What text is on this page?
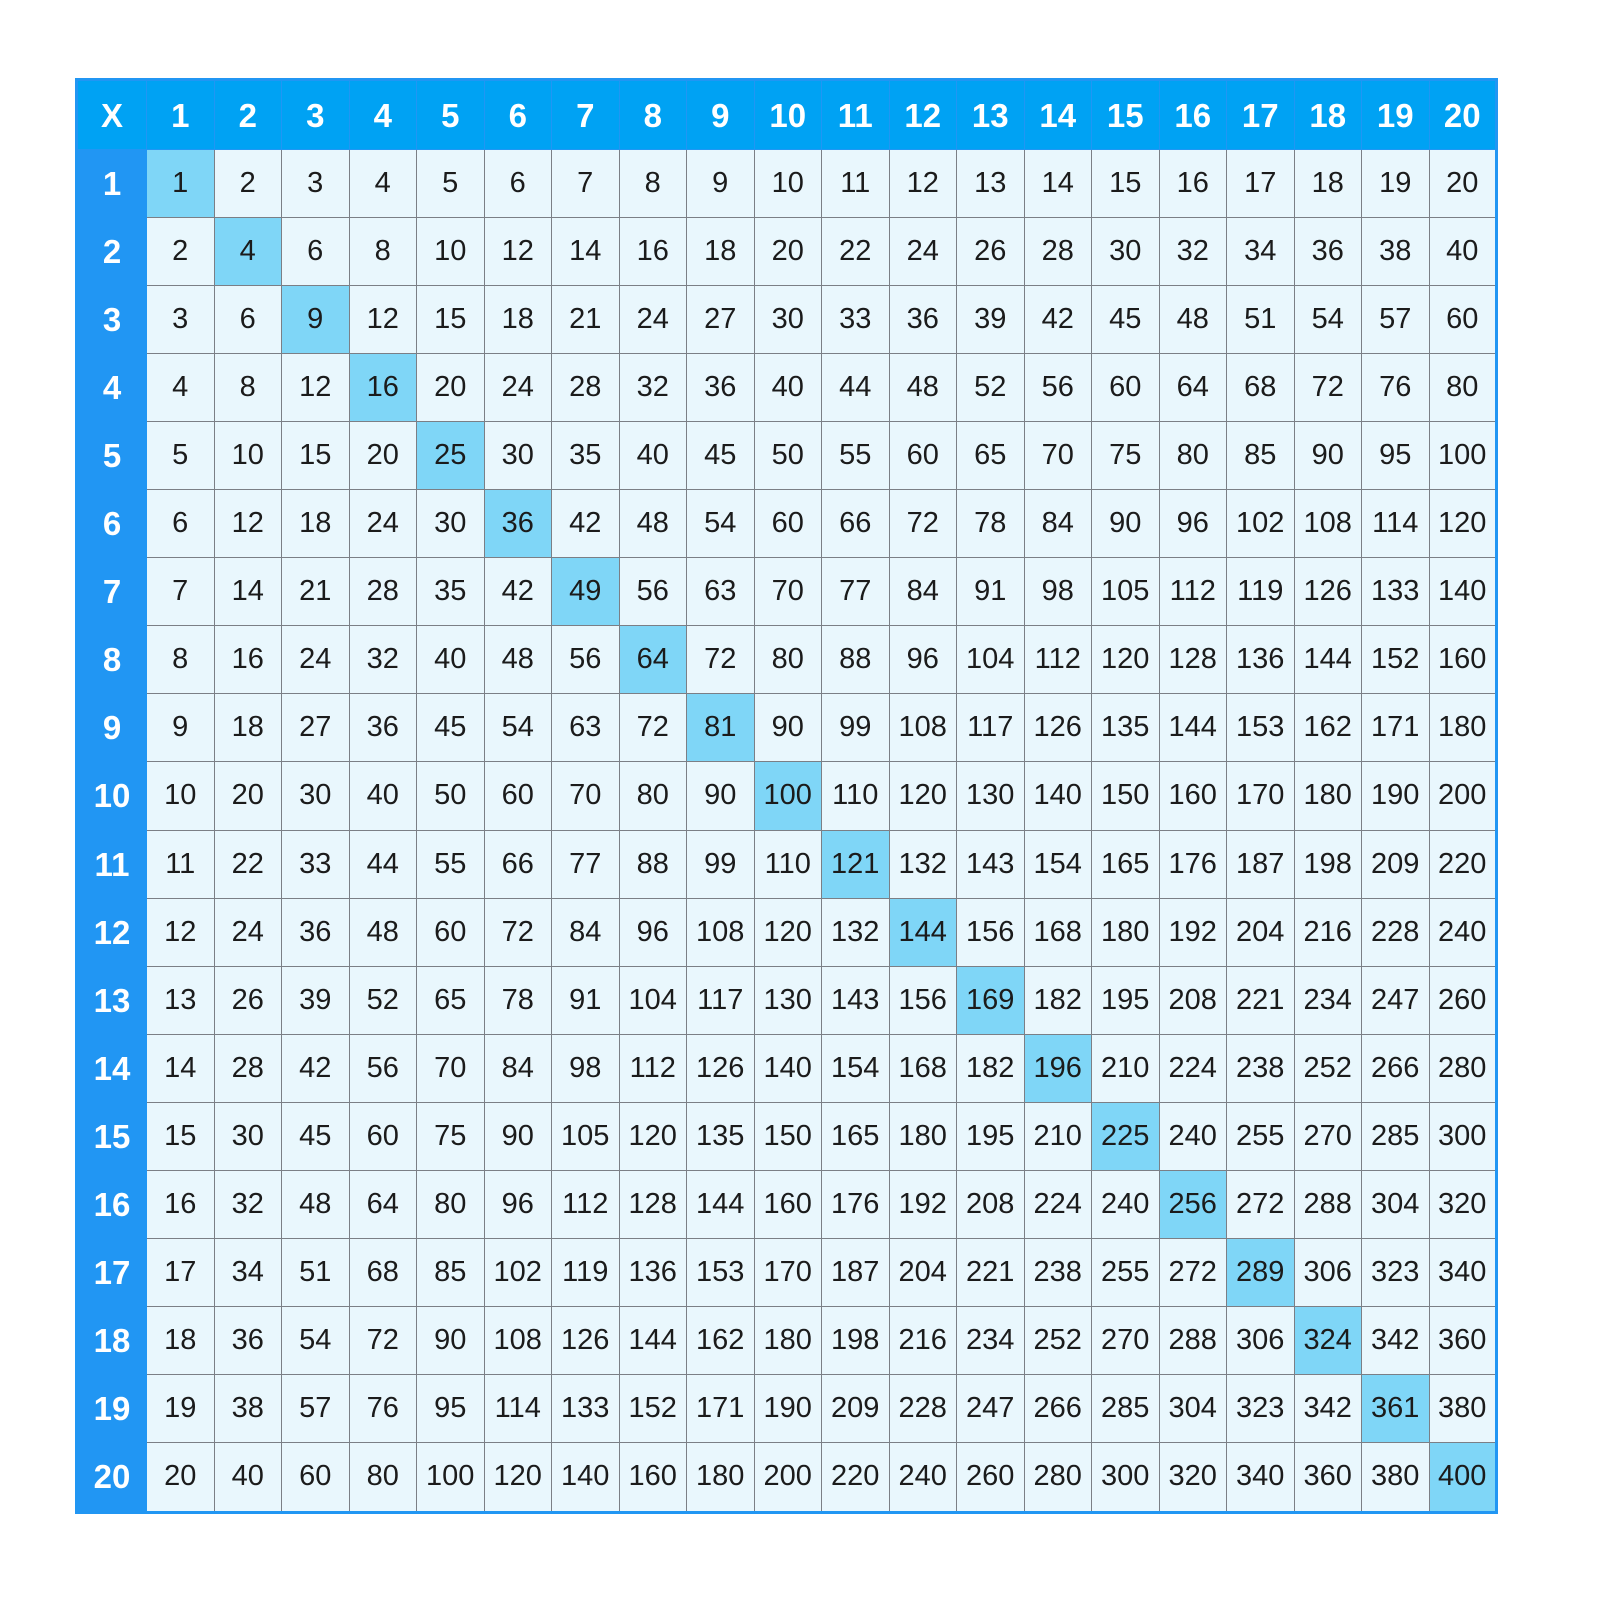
X	1	2	3	4	5	6	7	8	9	10	11	12	13	14	15	16	17	18	19	20
1	1	2	3	4	5	6	7	8	9	10	11	12	13	14	15	16	17	18	19	20
2	2	4	6	8	10	12	14	16	18	20	22	24	26	28	30	32	34	36	38	40
3	3	6	9	12	15	18	21	24	27	30	33	36	39	42	45	48	51	54	57	60
4	4	8	12	16	20	24	28	32	36	40	44	48	52	56	60	64	68	72	76	80
5	5	10	15	20	25	30	35	40	45	50	55	60	65	70	75	80	85	90	95	100
6	6	12	18	24	30	36	42	48	54	60	66	72	78	84	90	96	102	108	114	120
7	7	14	21	28	35	42	49	56	63	70	77	84	91	98	105	112	119	126	133	140
8	8	16	24	32	40	48	56	64	72	80	88	96	104	112	120	128	136	144	152	160
9	9	18	27	36	45	54	63	72	81	90	99	108	117	126	135	144	153	162	171	180
10	10	20	30	40	50	60	70	80	90	100	110	120	130	140	150	160	170	180	190	200
11	11	22	33	44	55	66	77	88	99	110	121	132	143	154	165	176	187	198	209	220
12	12	24	36	48	60	72	84	96	108	120	132	144	156	168	180	192	204	216	228	240
13	13	26	39	52	65	78	91	104	117	130	143	156	169	182	195	208	221	234	247	260
14	14	28	42	56	70	84	98	112	126	140	154	168	182	196	210	224	238	252	266	280
15	15	30	45	60	75	90	105	120	135	150	165	180	195	210	225	240	255	270	285	300
16	16	32	48	64	80	96	112	128	144	160	176	192	208	224	240	256	272	288	304	320
17	17	34	51	68	85	102	119	136	153	170	187	204	221	238	255	272	289	306	323	340
18	18	36	54	72	90	108	126	144	162	180	198	216	234	252	270	288	306	324	342	360
19	19	38	57	76	95	114	133	152	171	190	209	228	247	266	285	304	323	342	361	380
20	20	40	60	80	100	120	140	160	180	200	220	240	260	280	300	320	340	360	380	400
